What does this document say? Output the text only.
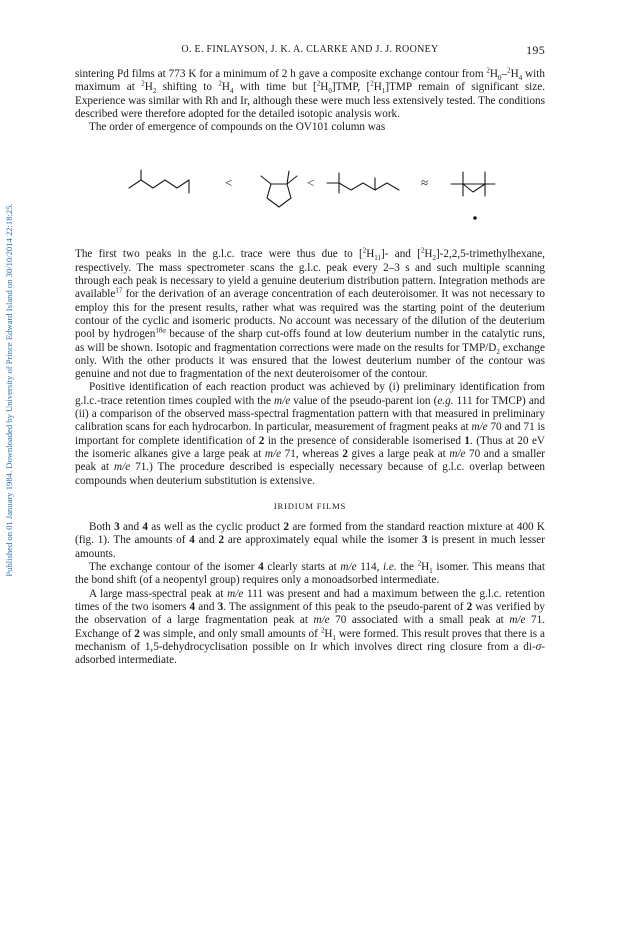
Published on 01 January 1984. Downloaded by University of Prince Edward Island on 30/10/2014 22:18:25.
O. E. FINLAYSON, J. K. A. CLARKE AND J. J. ROONEY	195

sintering Pd films at 773 K for a minimum of 2 h gave a composite exchange contour from $^2H_0-^2H_4$ with maximum at $^2H_2$ shifting to $^2H_4$ with time but $[^2H_0]TMP$, $[^2H_1]TMP$ remain of significant size. Experience was similar with Rh and Ir, although these were much less extensively tested. The conditions described were therefore adopted for the detailed isotopic analysis work.

The order of emergence of compounds on the OV101 column was

<	<	≈

The first two peaks in the g.l.c. trace were thus due to $[^2H_{11}]-$ and $[^2H_2]-2,2,5$-trimethylhexane, respectively. The mass spectrometer scans the g.l.c. peak every 2–3 s and such multiple scanning through each peak is necessary to yield a genuine deuterium distribution pattern. Integration methods are available$^{17}$ for the derivation of an average concentration of each deuteroisomer. It was not necessary to employ this for the present results, rather what was required was the starting point of the deuterium contour of the cyclic and isomeric products. No account was necessary of the dilution of the deuterium pool by hydrogen$^{18a}$ because of the sharp cut-offs found at low deuterium number in the catalytic runs, as will be shown. Isotopic and fragmentation corrections were made on the results for TMP/$D_2$ exchange only. With the other products it was ensured that the lowest deuterium number of the contour was genuine and not due to fragmentation of the next deuteroisomer of the contour.

Positive identification of each reaction product was achieved by (i) preliminary identification from g.l.c.-trace retention times coupled with the m/e value of the pseudo-parent ion (e.g. 111 for TMCP) and (ii) a comparison of the observed mass-spectral fragmentation pattern with that measured in preliminary calibration scans for each hydrocarbon. In particular, measurement of fragment peaks at m/e 70 and 71 is important for complete identification of 2 in the presence of considerable isomerised 1. (Thus at 20 eV the isomeric alkanes give a large peak at m/e 71, whereas 2 gives a large peak at m/e 70 and a smaller peak at m/e 71.) The procedure described is especially necessary because of g.l.c. overlap between compounds when deuterium substitution is extensive.

IRIDIUM FILMS

Both 3 and 4 as well as the cyclic product 2 are formed from the standard reaction mixture at 400 K (fig. 1). The amounts of 4 and 2 are approximately equal while the isomer 3 is present in much lesser amounts.

The exchange contour of the isomer 4 clearly starts at m/e 114, i.e. the $^2H_1$ isomer. This means that the bond shift (of a neopentyl group) requires only a monoadsorbed intermediate.

A large mass-spectral peak at m/e 111 was present and had a maximum between the g.l.c. retention times of the two isomers 4 and 3. The assignment of this peak to the pseudo-parent of 2 was verified by the observation of a large fragmentation peak at m/e 70 associated with a small peak at m/e 71. Exchange of 2 was simple, and only small amounts of $^2H_1$ were formed. This result proves that there is a mechanism of 1,5-dehydrocyclisation possible on Ir which involves direct ring closure from a di-σ-adsorbed intermediate.
